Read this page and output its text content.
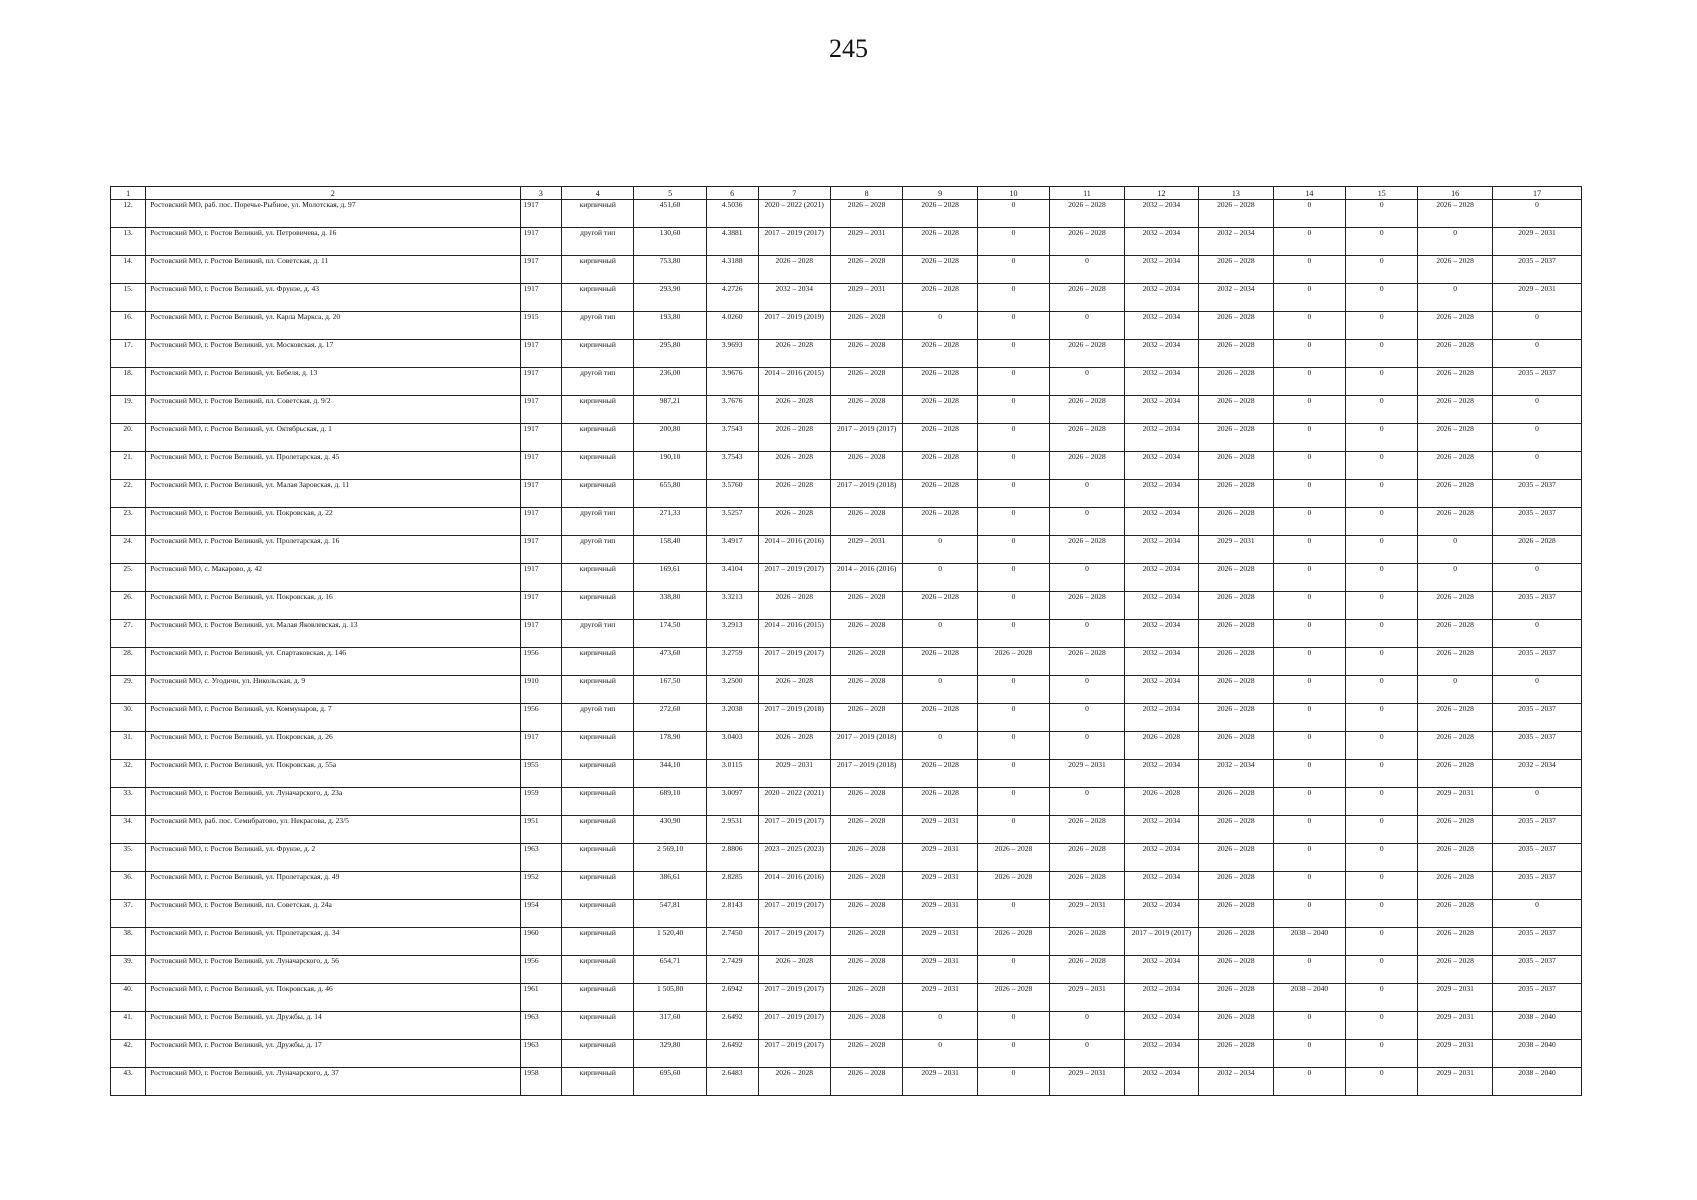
245
1	2	3	4	5	6	7	8	9	10	11	12	13	14	15	16	17
12.	Ростовский МО, раб. пос. Поречье-Рыбное, ул. Молотская, д. 97	1917	кирпичный	451,60	4.5036	2020 – 2022 (2021)	2026 – 2028	2026 – 2028	0	2026 – 2028	2032 – 2034	2026 – 2028	0	0	2026 – 2028	0
13.	Ростовский МО, г. Ростов Великий, ул. Петровичева, д. 16	1917	другой тип	130,60	4.3881	2017 – 2019 (2017)	2029 – 2031	2026 – 2028	0	2026 – 2028	2032 – 2034	2032 – 2034	0	0	0	2029 – 2031
14.	Ростовский МО, г. Ростов Великий, пл. Советская, д. 11	1917	кирпичный	753,80	4.3188	2026 – 2028	2026 – 2028	2026 – 2028	0	0	2032 – 2034	2026 – 2028	0	0	2026 – 2028	2035 – 2037
15.	Ростовский МО, г. Ростов Великий, ул. Фрунзе, д. 43	1917	кирпичный	293,90	4.2726	2032 – 2034	2029 – 2031	2026 – 2028	0	2026 – 2028	2032 – 2034	2032 – 2034	0	0	0	2029 – 2031
16.	Ростовский МО, г. Ростов Великий, ул. Карла Маркса, д. 20	1915	другой тип	193,80	4.0260	2017 – 2019 (2019)	2026 – 2028	0	0	0	2032 – 2034	2026 – 2028	0	0	2026 – 2028	0
17.	Ростовский МО, г. Ростов Великий, ул. Московская, д. 17	1917	кирпичный	295,80	3.9693	2026 – 2028	2026 – 2028	2026 – 2028	0	2026 – 2028	2032 – 2034	2026 – 2028	0	0	2026 – 2028	0
18.	Ростовский МО, г. Ростов Великий, ул. Бебеля, д. 13	1917	другой тип	236,00	3.9676	2014 – 2016 (2015)	2026 – 2028	2026 – 2028	0	0	2032 – 2034	2026 – 2028	0	0	2026 – 2028	2035 – 2037
19.	Ростовский МО, г. Ростов Великий, пл. Советская, д. 9/2	1917	кирпичный	987,21	3.7676	2026 – 2028	2026 – 2028	2026 – 2028	0	2026 – 2028	2032 – 2034	2026 – 2028	0	0	2026 – 2028	0
20.	Ростовский МО, г. Ростов Великий, ул. Октябрьская, д. 1	1917	кирпичный	200,80	3.7543	2026 – 2028	2017 – 2019 (2017)	2026 – 2028	0	2026 – 2028	2032 – 2034	2026 – 2028	0	0	2026 – 2028	0
21.	Ростовский МО, г. Ростов Великий, ул. Пролетарская, д. 45	1917	кирпичный	190,10	3.7543	2026 – 2028	2026 – 2028	2026 – 2028	0	2026 – 2028	2032 – 2034	2026 – 2028	0	0	2026 – 2028	0
22.	Ростовский МО, г. Ростов Великий, ул. Малая Заровская, д. 11	1917	кирпичный	655,80	3.5760	2026 – 2028	2017 – 2019 (2018)	2026 – 2028	0	0	2032 – 2034	2026 – 2028	0	0	2026 – 2028	2035 – 2037
23.	Ростовский МО, г. Ростов Великий, ул. Покровская, д. 22	1917	другой тип	271,33	3.5257	2026 – 2028	2026 – 2028	2026 – 2028	0	0	2032 – 2034	2026 – 2028	0	0	2026 – 2028	2035 – 2037
24.	Ростовский МО, г. Ростов Великий, ул. Пролетарская, д. 16	1917	другой тип	158,40	3.4917	2014 – 2016 (2016)	2029 – 2031	0	0	2026 – 2028	2032 – 2034	2029 – 2031	0	0	0	2026 – 2028
25.	Ростовский МО, с. Макарово, д. 42	1917	кирпичный	169,61	3.4104	2017 – 2019 (2017)	2014 – 2016 (2016)	0	0	0	2032 – 2034	2026 – 2028	0	0	0	0
26.	Ростовский МО, г. Ростов Великий, ул. Покровская, д. 16	1917	кирпичный	338,80	3.3213	2026 – 2028	2026 – 2028	2026 – 2028	0	2026 – 2028	2032 – 2034	2026 – 2028	0	0	2026 – 2028	2035 – 2037
27.	Ростовский МО, г. Ростов Великий, ул. Малая Яковлевская, д. 13	1917	другой тип	174,50	3.2913	2014 – 2016 (2015)	2026 – 2028	0	0	0	2032 – 2034	2026 – 2028	0	0	2026 – 2028	0
28.	Ростовский МО, г. Ростов Великий, ул. Спартаковская, д. 146	1956	кирпичный	473,60	3.2759	2017 – 2019 (2017)	2026 – 2028	2026 – 2028	2026 – 2028	2026 – 2028	2032 – 2034	2026 – 2028	0	0	2026 – 2028	2035 – 2037
29.	Ростовский МО, с. Угодичи, ул. Никольская, д. 9	1910	кирпичный	167,50	3.2500	2026 – 2028	2026 – 2028	0	0	0	2032 – 2034	2026 – 2028	0	0	0	0
30.	Ростовский МО, г. Ростов Великий, ул. Коммунаров, д. 7	1956	другой тип	272,60	3.2038	2017 – 2019 (2018)	2026 – 2028	2026 – 2028	0	0	2032 – 2034	2026 – 2028	0	0	2026 – 2028	2035 – 2037
31.	Ростовский МО, г. Ростов Великий, ул. Покровская, д. 26	1917	кирпичный	178,90	3.0403	2026 – 2028	2017 – 2019 (2018)	0	0	0	2026 – 2028	2026 – 2028	0	0	2026 – 2028	2035 – 2037
32.	Ростовский МО, г. Ростов Великий, ул. Покровская, д. 55а	1955	кирпичный	344,10	3.0115	2029 – 2031	2017 – 2019 (2018)	2026 – 2028	0	2029 – 2031	2032 – 2034	2032 – 2034	0	0	2026 – 2028	2032 – 2034
33.	Ростовский МО, г. Ростов Великий, ул. Луначарского, д. 23а	1959	кирпичный	689,10	3.0097	2020 – 2022 (2021)	2026 – 2028	2026 – 2028	0	0	2026 – 2028	2026 – 2028	0	0	2029 – 2031	0
34.	Ростовский МО, раб. пос. Семибратово, ул. Некрасова, д. 23/5	1951	кирпичный	430,90	2.9531	2017 – 2019 (2017)	2026 – 2028	2029 – 2031	0	2026 – 2028	2032 – 2034	2026 – 2028	0	0	2026 – 2028	2035 – 2037
35.	Ростовский МО, г. Ростов Великий, ул. Фрунзе, д. 2	1963	кирпичный	2 569,10	2.8806	2023 – 2025 (2023)	2026 – 2028	2029 – 2031	2026 – 2028	2026 – 2028	2032 – 2034	2026 – 2028	0	0	2026 – 2028	2035 – 2037
36.	Ростовский МО, г. Ростов Великий, ул. Пролетарская, д. 49	1952	кирпичный	386,61	2.8285	2014 – 2016 (2016)	2026 – 2028	2029 – 2031	2026 – 2028	2026 – 2028	2032 – 2034	2026 – 2028	0	0	2026 – 2028	2035 – 2037
37.	Ростовский МО, г. Ростов Великий, пл. Советская, д. 24а	1954	кирпичный	547,81	2.8143	2017 – 2019 (2017)	2026 – 2028	2029 – 2031	0	2029 – 2031	2032 – 2034	2026 – 2028	0	0	2026 – 2028	0
38.	Ростовский МО, г. Ростов Великий, ул. Пролетарская, д. 34	1960	кирпичный	1 520,40	2.7450	2017 – 2019 (2017)	2026 – 2028	2029 – 2031	2026 – 2028	2026 – 2028	2017 – 2019 (2017)	2026 – 2028	2038 – 2040	0	2026 – 2028	2035 – 2037
39.	Ростовский МО, г. Ростов Великий, ул. Луначарского, д. 56	1956	кирпичный	654,71	2.7429	2026 – 2028	2026 – 2028	2029 – 2031	0	2026 – 2028	2032 – 2034	2026 – 2028	0	0	2026 – 2028	2035 – 2037
40.	Ростовский МО, г. Ростов Великий, ул. Покровская, д. 46	1961	кирпичный	1 505,80	2.6942	2017 – 2019 (2017)	2026 – 2028	2029 – 2031	2026 – 2028	2029 – 2031	2032 – 2034	2026 – 2028	2038 – 2040	0	2029 – 2031	2035 – 2037
41.	Ростовский МО, г. Ростов Великий, ул. Дружбы, д. 14	1963	кирпичный	317,60	2.6492	2017 – 2019 (2017)	2026 – 2028	0	0	0	2032 – 2034	2026 – 2028	0	0	2029 – 2031	2038 – 2040
42.	Ростовский МО, г. Ростов Великий, ул. Дружбы, д. 17	1963	кирпичный	329,80	2.6492	2017 – 2019 (2017)	2026 – 2028	0	0	0	2032 – 2034	2026 – 2028	0	0	2029 – 2031	2038 – 2040
43.	Ростовский МО, г. Ростов Великий, ул. Луначарского, д. 37	1958	кирпичный	695,60	2.6483	2026 – 2028	2026 – 2028	2029 – 2031	0	2029 – 2031	2032 – 2034	2032 – 2034	0	0	2029 – 2031	2038 – 2040
